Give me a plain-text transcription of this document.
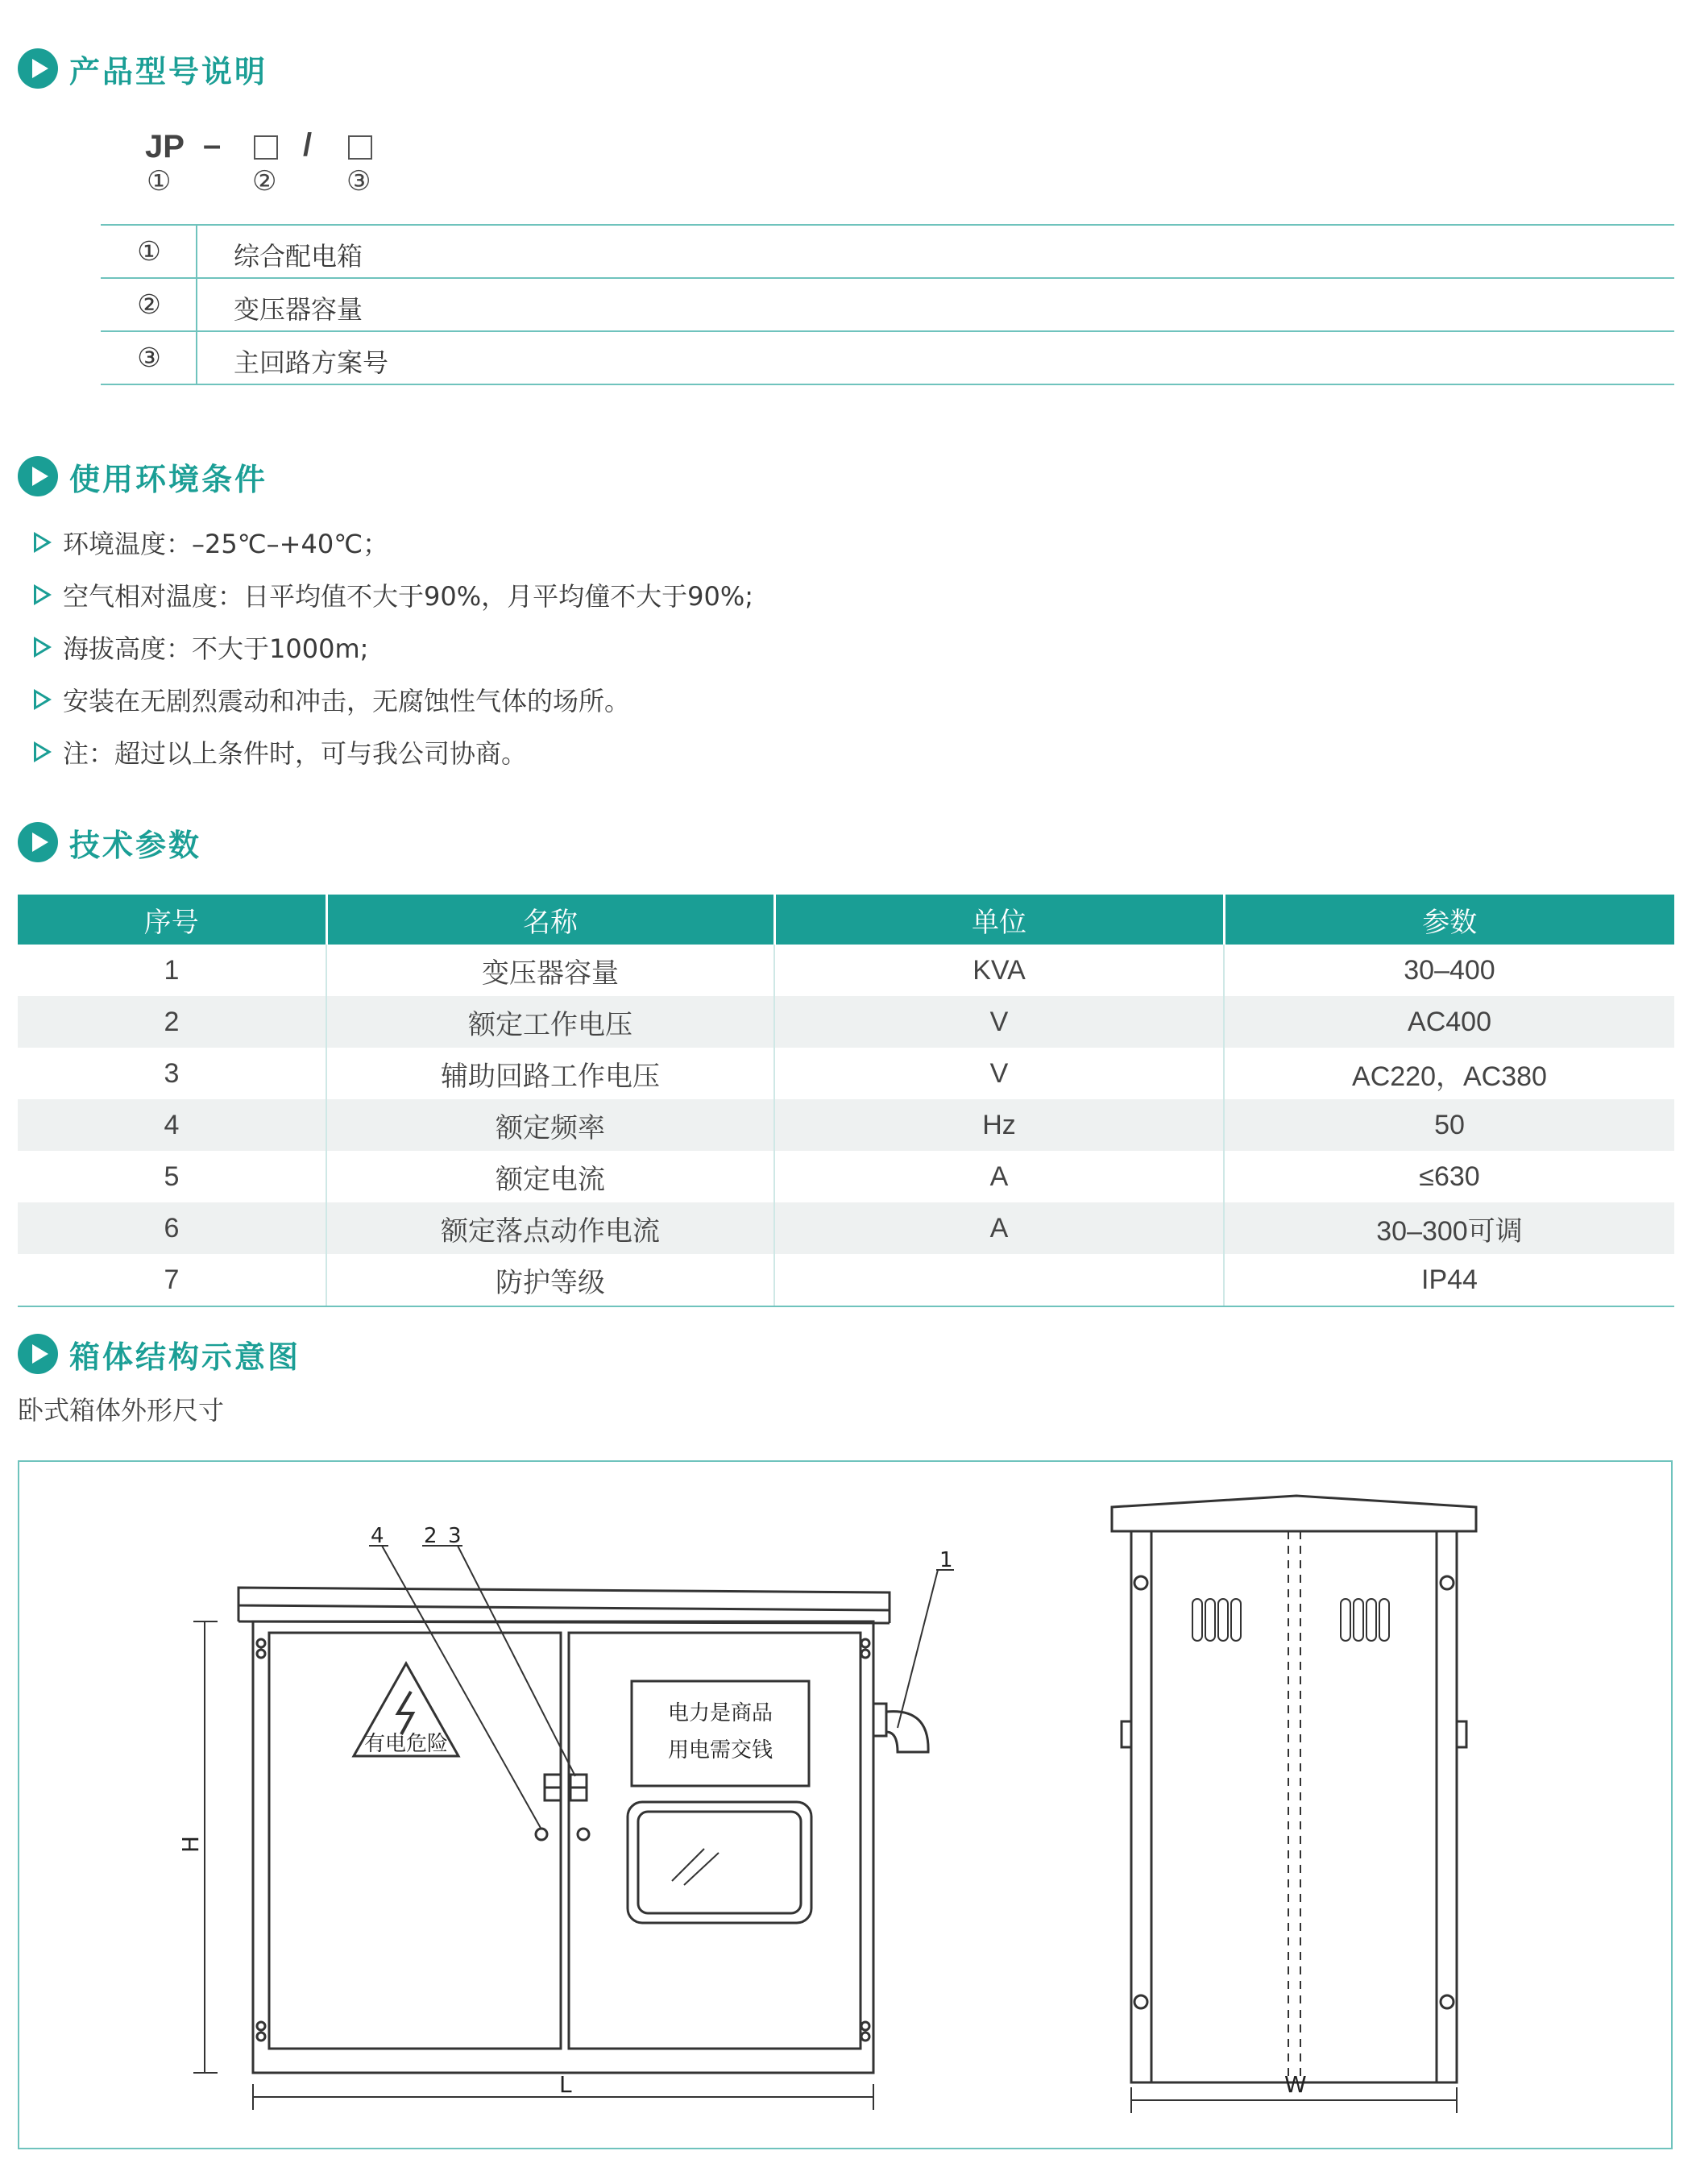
产品型号说明
JP –	/
①	②	③
①	综合配电箱
②	变压器容量
③	主回路方案号
使用环境条件
环境温度：–25℃–+40℃；
空气相对温度：日平均值不大于90%，月平均僮不大于90%;
海拔高度：不大于1000m;
安装在无剧烈震动和冲击，无腐蚀性气体的场所。
注：超过以上条件时，可与我公司协商。
技术参数
序号	名称	单位	参数
1	变压器容量	KVA	30–400
2	额定工作电压	V	AC400
3	辅助回路工作电压	V	AC220，AC380
4	额定频率	Hz	50
5	额定电流	A	≤630
6	额定落点动作电流	A	30–300可调
7	防护等级		IP44
箱体结构示意图
卧式箱体外形尺寸
有电危险
电力是商品
用电需交钱
4 2 3
1
H
L	W
